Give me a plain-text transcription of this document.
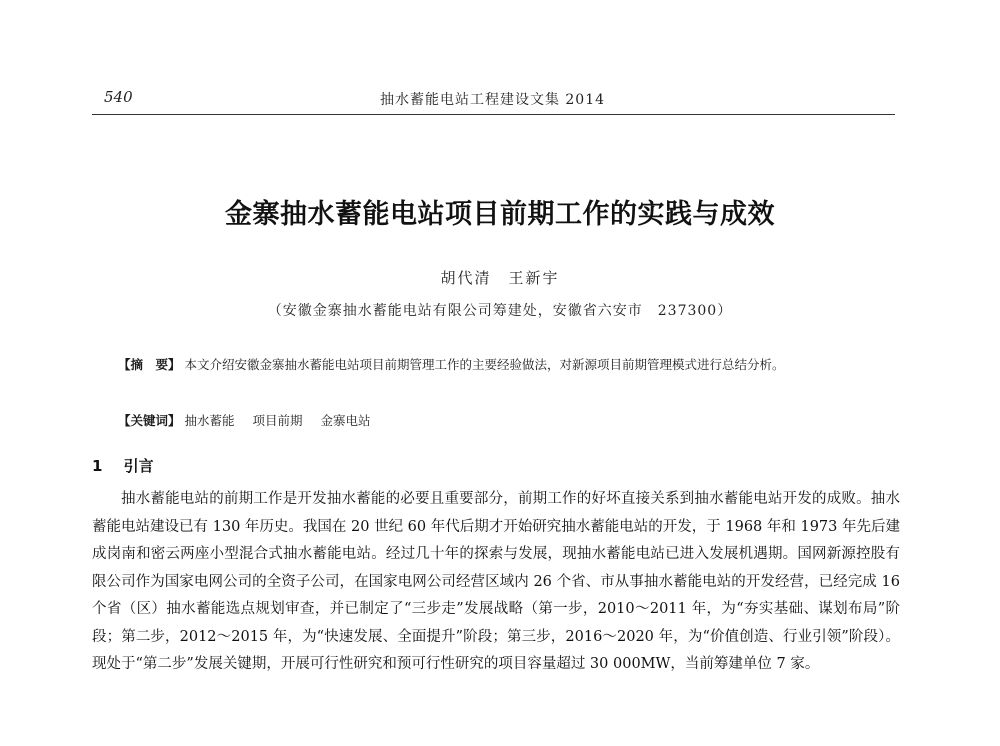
540	抽水蓄能电站工程建设文集 2014
金寨抽水蓄能电站项目前期工作的实践与成效
胡代清　王新宇
（安徽金寨抽水蓄能电站有限公司筹建处，安徽省六安市　237300）
【摘　要】 本文介绍安徽金寨抽水蓄能电站项目前期管理工作的主要经验做法，对新源项目前期管理模式进行总结分析。
【关键词】 抽水蓄能 项目前期 金寨电站
1 引言

抽水蓄能电站的前期工作是开发抽水蓄能的必要且重要部分，前期工作的好坏直接关系到抽水蓄能电站开发的成败。抽水蓄能电站建设已有 130 年历史。我国在 20 世纪 60 年代后期才开始研究抽水蓄能电站的开发，于 1968 年和 1973 年先后建成岗南和密云两座小型混合式抽水蓄能电站。经过几十年的探索与发展，现抽水蓄能电站已进入发展机遇期。国网新源控股有限公司作为国家电网公司的全资子公司，在国家电网公司经营区域内 26 个省、市从事抽水蓄能电站的开发经营，已经完成 16 个省（区）抽水蓄能选点规划审查，并已制定了“三步走”发展战略（第一步，2010～2011 年，为“夯实基础、谋划布局”阶段；第二步，2012～2015 年，为“快速发展、全面提升”阶段；第三步，2016～2020 年，为“价值创造、行业引领”阶段）。现处于“第二步”发展关键期，开展可行性研究和预可行性研究的项目容量超过 30 000MW，当前筹建单位 7 家。
